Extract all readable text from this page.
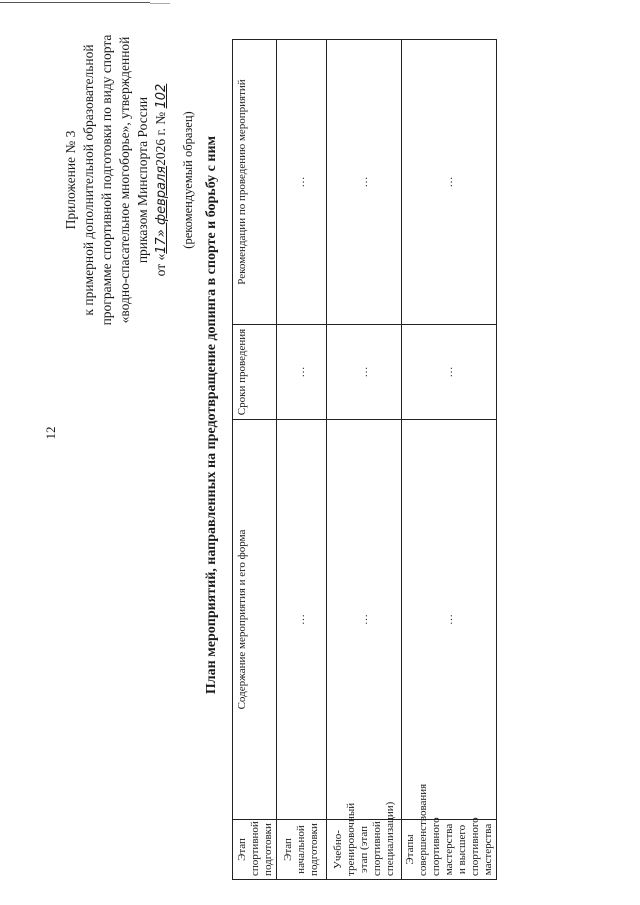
12
Приложение № 3 к примерной дополнительной образовательной программе спортивной подготовки по виду спорта «водно-спасательное многоборье», утвержденной приказом Минспорта России
от «17» февраля2026 г. № 102
(рекомендуемый образец) План мероприятий, направленных на предотвращение допинга в спорте и борьбу с ним
Этап спортивной подготовки	Содержание мероприятия и его форма	Сроки проведения	Рекомендации по проведению мероприятий
Этап начальной подготовки	…	…	…
Учебно-тренировочный этап (этап спортивной специализации)	…	…	…
Этапы совершенствования спортивного мастерства и высшего спортивного мастерства	…	…	…
